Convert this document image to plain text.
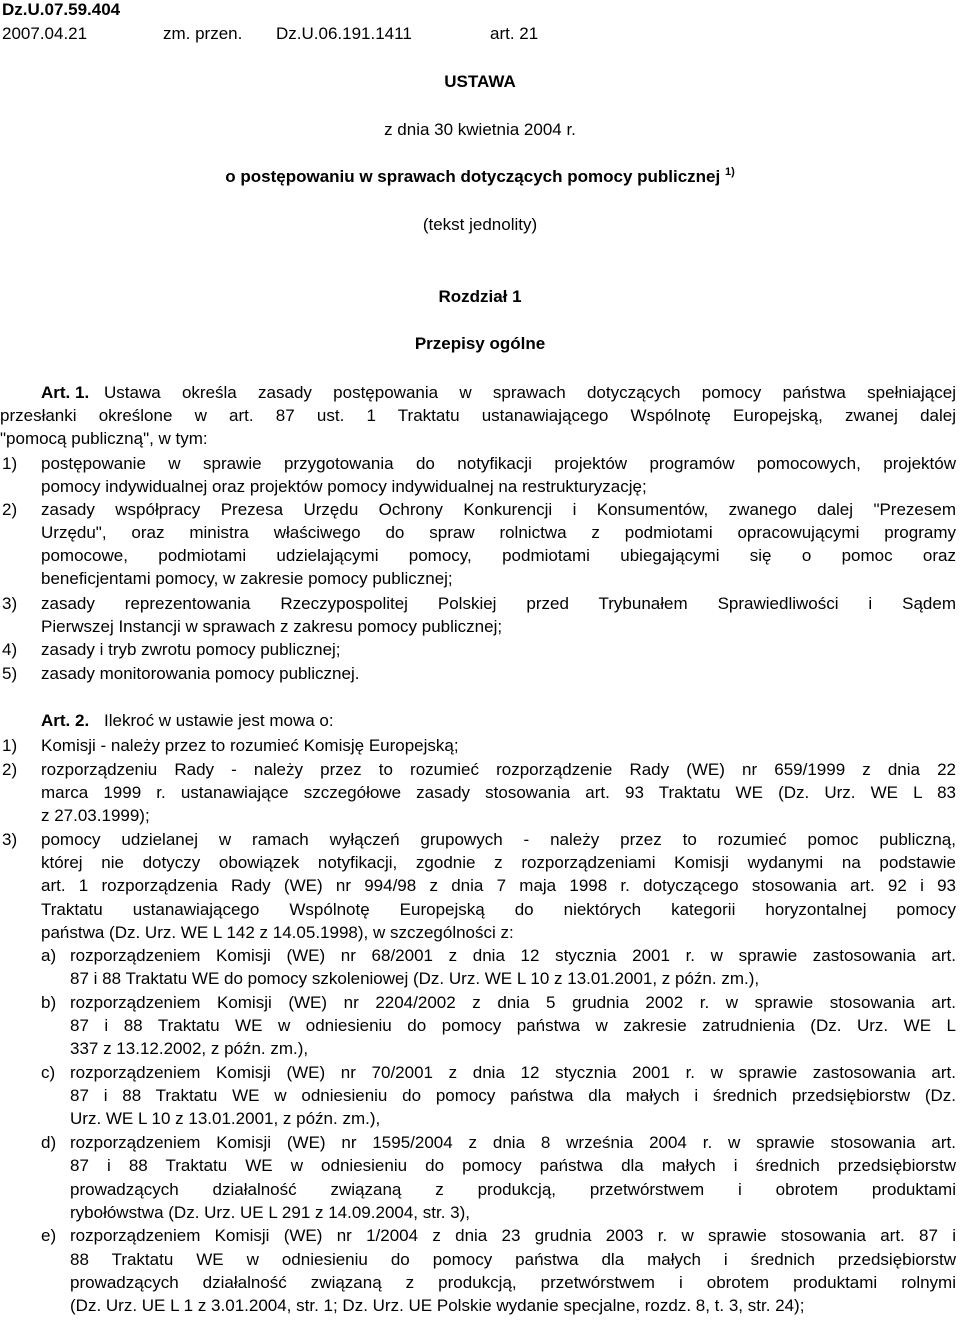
Dz.U.07.59.404
2007.04.21	zm. przen. Dz.U.06.191.1411	art. 21
USTAWA
z dnia 30 kwietnia 2004 r.
o postępowaniu w sprawach dotyczących pomocy publicznej $^{1)}$
(tekst jednolity)
Rozdział 1
Przepisy ogólne
Art. 1. Ustawa określa zasady postępowania w sprawach dotyczących pomocy państwa spełniającej
przesłanki określone w art. 87 ust. 1 Traktatu ustanawiającego Wspólnotę Europejską, zwanej dalej
"pomocą publiczną", w tym:
1) postępowanie w sprawie przygotowania do notyfikacji projektów programów pomocowych, projektów
pomocy indywidualnej oraz projektów pomocy indywidualnej na restrukturyzację;
2) zasady współpracy Prezesa Urzędu Ochrony Konkurencji i Konsumentów, zwanego dalej "Prezesem
Urzędu", oraz ministra właściwego do spraw rolnictwa z podmiotami opracowującymi programy
pomocowe, podmiotami udzielającymi pomocy, podmiotami ubiegającymi się o pomoc oraz
beneficjentami pomocy, w zakresie pomocy publicznej;
3) zasady reprezentowania Rzeczypospolitej Polskiej przed Trybunałem Sprawiedliwości i Sądem
Pierwszej Instancji w sprawach z zakresu pomocy publicznej;
4) zasady i tryb zwrotu pomocy publicznej;
5) zasady monitorowania pomocy publicznej.
Art. 2. Ilekroć w ustawie jest mowa o:
1) Komisji - należy przez to rozumieć Komisję Europejską;
2) rozporządzeniu Rady - należy przez to rozumieć rozporządzenie Rady (WE) nr 659/1999 z dnia 22
marca 1999 r. ustanawiające szczegółowe zasady stosowania art. 93 Traktatu WE (Dz. Urz. WE L 83
z 27.03.1999);
3) pomocy udzielanej w ramach wyłączeń grupowych - należy przez to rozumieć pomoc publiczną,
której nie dotyczy obowiązek notyfikacji, zgodnie z rozporządzeniami Komisji wydanymi na podstawie
art. 1 rozporządzenia Rady (WE) nr 994/98 z dnia 7 maja 1998 r. dotyczącego stosowania art. 92 i 93
Traktatu ustanawiającego Wspólnotę Europejską do niektórych kategorii horyzontalnej pomocy
państwa (Dz. Urz. WE L 142 z 14.05.1998), w szczególności z:
a) rozporządzeniem Komisji (WE) nr 68/2001 z dnia 12 stycznia 2001 r. w sprawie zastosowania art.
87 i 88 Traktatu WE do pomocy szkoleniowej (Dz. Urz. WE L 10 z 13.01.2001, z późn. zm.),
b) rozporządzeniem Komisji (WE) nr 2204/2002 z dnia 5 grudnia 2002 r. w sprawie stosowania art.
87 i 88 Traktatu WE w odniesieniu do pomocy państwa w zakresie zatrudnienia (Dz. Urz. WE L
337 z 13.12.2002, z późn. zm.),
c) rozporządzeniem Komisji (WE) nr 70/2001 z dnia 12 stycznia 2001 r. w sprawie zastosowania art.
87 i 88 Traktatu WE w odniesieniu do pomocy państwa dla małych i średnich przedsiębiorstw (Dz.
Urz. WE L 10 z 13.01.2001, z późn. zm.),
d) rozporządzeniem Komisji (WE) nr 1595/2004 z dnia 8 września 2004 r. w sprawie stosowania art.
87 i 88 Traktatu WE w odniesieniu do pomocy państwa dla małych i średnich przedsiębiorstw
prowadzących działalność związaną z produkcją, przetwórstwem i obrotem produktami
rybołówstwa (Dz. Urz. UE L 291 z 14.09.2004, str. 3),
e) rozporządzeniem Komisji (WE) nr 1/2004 z dnia 23 grudnia 2003 r. w sprawie stosowania art. 87 i
88 Traktatu WE w odniesieniu do pomocy państwa dla małych i średnich przedsiębiorstw
prowadzących działalność związaną z produkcją, przetwórstwem i obrotem produktami rolnymi
(Dz. Urz. UE L 1 z 3.01.2004, str. 1; Dz. Urz. UE Polskie wydanie specjalne, rozdz. 8, t. 3, str. 24);
